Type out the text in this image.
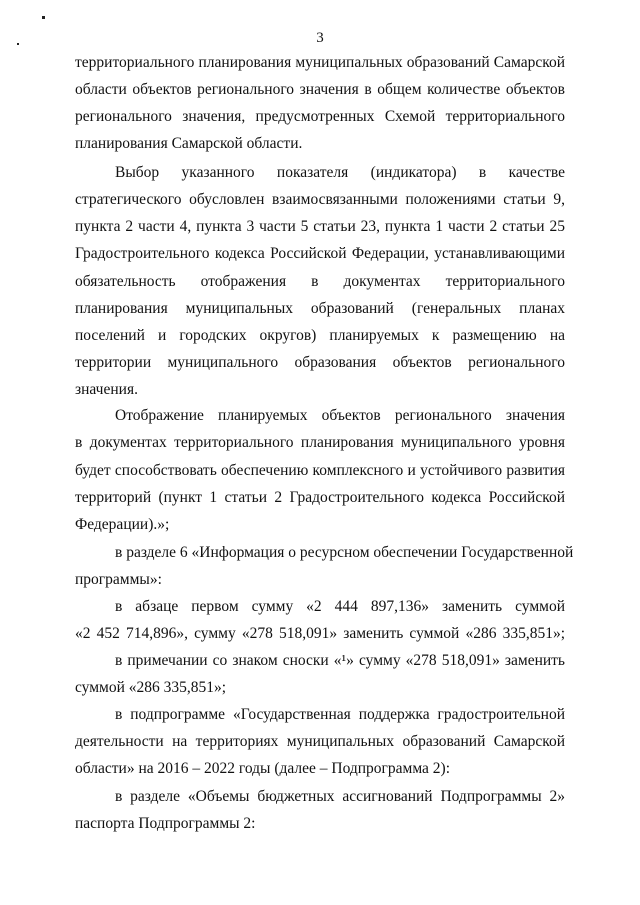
3
территориального планирования муниципальных образований Самарской
области объектов регионального значения в общем количестве объектов
регионального значения, предусмотренных Схемой территориального
планирования Самарской области.
Выбор указанного показателя (индикатора) в качестве
стратегического обусловлен взаимосвязанными положениями статьи 9,
пункта 2 части 4, пункта 3 части 5 статьи 23, пункта 1 части 2 статьи 25
Градостроительного кодекса Российской Федерации, устанавливающими
обязательность отображения в документах территориального
планирования муниципальных образований (генеральных планах
поселений и городских округов) планируемых к размещению на
территории муниципального образования объектов регионального
значения.
Отображение планируемых объектов регионального значения
в документах территориального планирования муниципального уровня
будет способствовать обеспечению комплексного и устойчивого развития
территорий (пункт 1 статьи 2 Градостроительного кодекса Российской
Федерации).»;
в разделе 6 «Информация о ресурсном обеспечении Государственной
программы»:
в абзаце первом сумму «2 444 897,136» заменить суммой
«2 452 714,896», сумму «278 518,091» заменить суммой «286 335,851»;
в примечании со знаком сноски «¹» сумму «278 518,091» заменить
суммой «286 335,851»;
в подпрограмме «Государственная поддержка градостроительной
деятельности на территориях муниципальных образований Самарской
области» на 2016 – 2022 годы (далее – Подпрограмма 2):
в разделе «Объемы бюджетных ассигнований Подпрограммы 2»
паспорта Подпрограммы 2:
